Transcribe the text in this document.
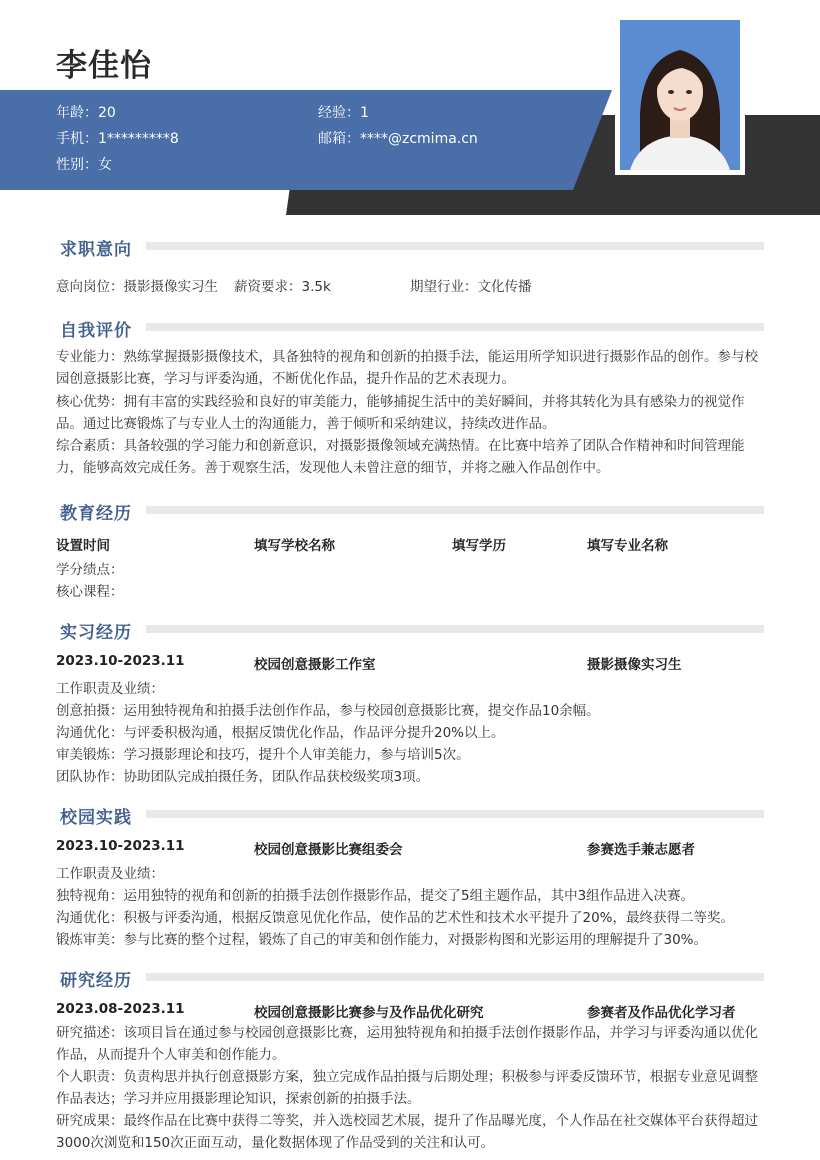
李佳怡
年龄：20	经验：1
手机：1*********8	邮箱：****@zcmima.cn
性别：女
求职意向
意向岗位：摄影摄像实习生 薪资要求：3.5k	期望行业：文化传播
自我评价
专业能力：熟练掌握摄影摄像技术，具备独特的视角和创新的拍摄手法，能运用所学知识进行摄影作品的创作。参与校园创意摄影比赛，学习与评委沟通，不断优化作品，提升作品的艺术表现力。
核心优势：拥有丰富的实践经验和良好的审美能力，能够捕捉生活中的美好瞬间，并将其转化为具有感染力的视觉作品。通过比赛锻炼了与专业人士的沟通能力，善于倾听和采纳建议，持续改进作品。
综合素质：具备较强的学习能力和创新意识，对摄影摄像领域充满热情。在比赛中培养了团队合作精神和时间管理能力，能够高效完成任务。善于观察生活，发现他人未曾注意的细节，并将之融入作品创作中。
教育经历
设置时间	填写学校名称	填写学历	填写专业名称
学分绩点：
核心课程：
实习经历
2023.10-2023.11	校园创意摄影工作室	摄影摄像实习生
工作职责及业绩：
创意拍摄：运用独特视角和拍摄手法创作作品，参与校园创意摄影比赛，提交作品10余幅。
沟通优化：与评委积极沟通，根据反馈优化作品，作品评分提升20%以上。
审美锻炼：学习摄影理论和技巧，提升个人审美能力，参与培训5次。
团队协作：协助团队完成拍摄任务，团队作品获校级奖项3项。
校园实践
2023.10-2023.11	校园创意摄影比赛组委会	参赛选手兼志愿者
工作职责及业绩：
独特视角：运用独特的视角和创新的拍摄手法创作摄影作品，提交了5组主题作品，其中3组作品进入决赛。
沟通优化：积极与评委沟通，根据反馈意见优化作品，使作品的艺术性和技术水平提升了20%，最终获得二等奖。
锻炼审美：参与比赛的整个过程，锻炼了自己的审美和创作能力，对摄影构图和光影运用的理解提升了30%。
研究经历
2023.08-2023.11	校园创意摄影比赛参与及作品优化研究	参赛者及作品优化学习者
研究描述：该项目旨在通过参与校园创意摄影比赛，运用独特视角和拍摄手法创作摄影作品，并学习与评委沟通以优化作品，从而提升个人审美和创作能力。
个人职责：负责构思并执行创意摄影方案，独立完成作品拍摄与后期处理；积极参与评委反馈环节，根据专业意见调整作品表达；学习并应用摄影理论知识，探索创新的拍摄手法。
研究成果：最终作品在比赛中获得二等奖，并入选校园艺术展，提升了作品曝光度，个人作品在社交媒体平台获得超过3000次浏览和150次正面互动，量化数据体现了作品受到的关注和认可。
